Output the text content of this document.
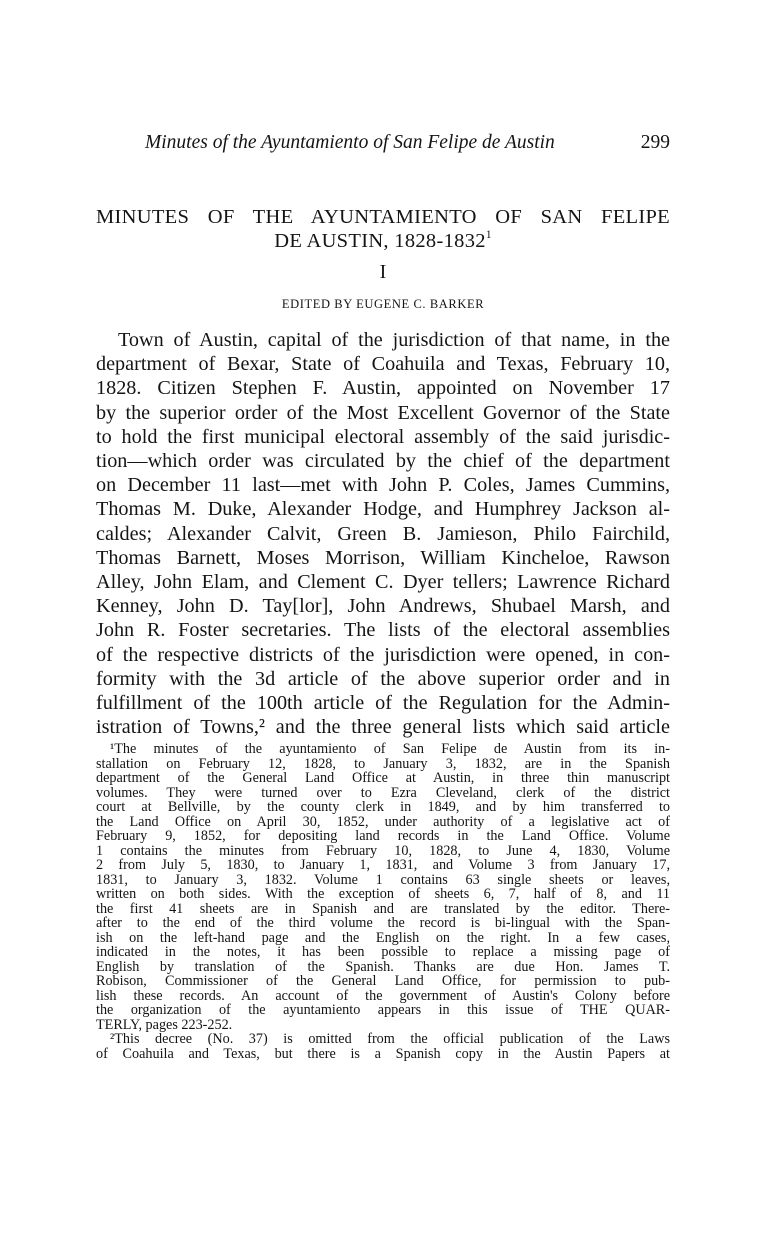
Minutes of the Ayuntamiento of San Felipe de Austin	299
MINUTES OF THE AYUNTAMIENTO OF SAN FELIPE
DE AUSTIN, 1828-1832$^1$
I
EDITED BY EUGENE C. BARKER
Town of Austin, capital of the jurisdiction of that name, in the
department of Bexar, State of Coahuila and Texas, February 10,
1828. Citizen Stephen F. Austin, appointed on November 17
by the superior order of the Most Excellent Governor of the State
to hold the first municipal electoral assembly of the said jurisdic-
tion—which order was circulated by the chief of the department
on December 11 last—met with John P. Coles, James Cummins,
Thomas M. Duke, Alexander Hodge, and Humphrey Jackson al-
caldes; Alexander Calvit, Green B. Jamieson, Philo Fairchild,
Thomas Barnett, Moses Morrison, William Kincheloe, Rawson
Alley, John Elam, and Clement C. Dyer tellers; Lawrence Richard
Kenney, John D. Tay[lor], John Andrews, Shubael Marsh, and
John R. Foster secretaries. The lists of the electoral assemblies
of the respective districts of the jurisdiction were opened, in con-
formity with the 3d article of the above superior order and in
fulfillment of the 100th article of the Regulation for the Admin-
istration of Towns,² and the three general lists which said article
¹The minutes of the ayuntamiento of San Felipe de Austin from its in-
stallation on February 12, 1828, to January 3, 1832, are in the Spanish
department of the General Land Office at Austin, in three thin manuscript
volumes. They were turned over to Ezra Cleveland, clerk of the district
court at Bellville, by the county clerk in 1849, and by him transferred to
the Land Office on April 30, 1852, under authority of a legislative act of
February 9, 1852, for depositing land records in the Land Office. Volume
1 contains the minutes from February 10, 1828, to June 4, 1830, Volume
2 from July 5, 1830, to January 1, 1831, and Volume 3 from January 17,
1831, to January 3, 1832. Volume 1 contains 63 single sheets or leaves,
written on both sides. With the exception of sheets 6, 7, half of 8, and 11
the first 41 sheets are in Spanish and are translated by the editor. There-
after to the end of the third volume the record is bi-lingual with the Span-
ish on the left-hand page and the English on the right. In a few cases,
indicated in the notes, it has been possible to replace a missing page of
English by translation of the Spanish. Thanks are due Hon. James T.
Robison, Commissioner of the General Land Office, for permission to pub-
lish these records. An account of the government of Austin's Colony before
the organization of the ayuntamiento appears in this issue of THE QUAR-
TERLY, pages 223-252.
²This decree (No. 37) is omitted from the official publication of the Laws
of Coahuila and Texas, but there is a Spanish copy in the Austin Papers at
